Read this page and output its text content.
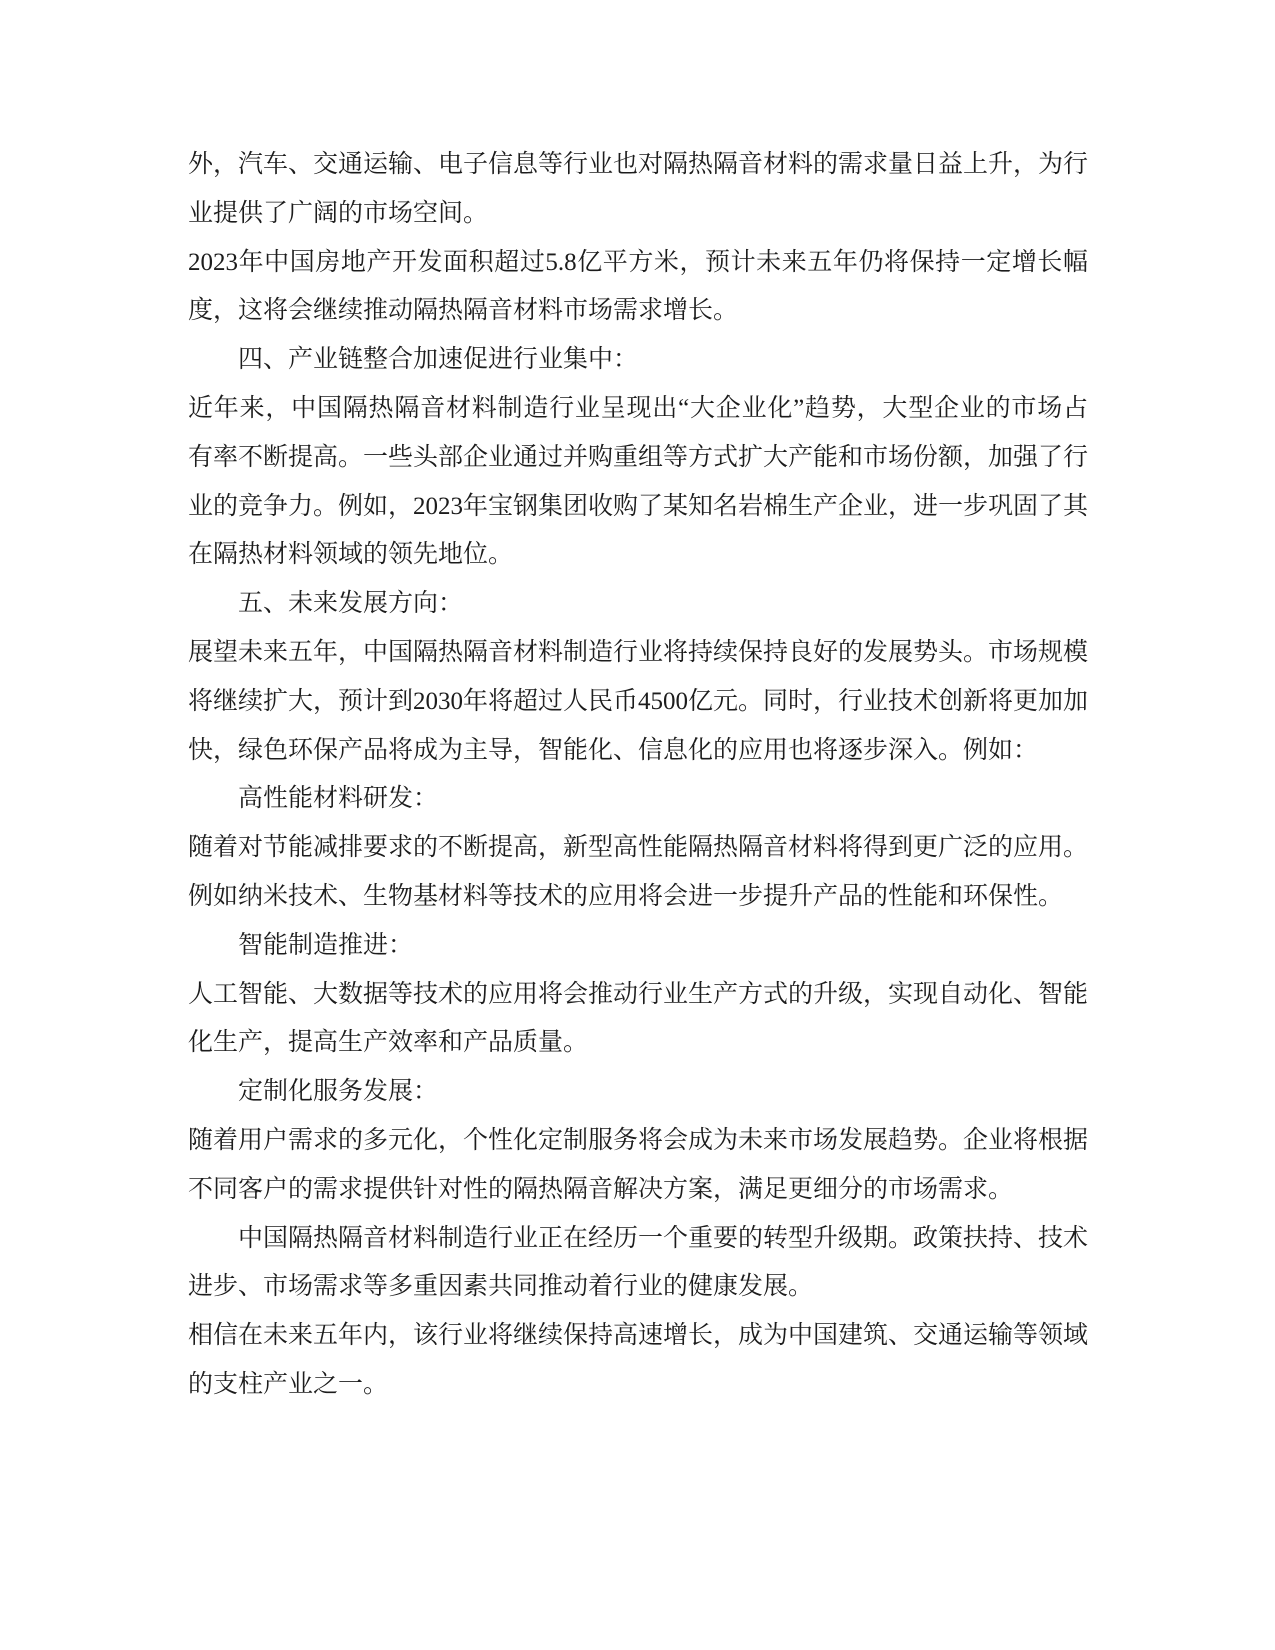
外，汽车、交通运输、电子信息等行业也对隔热隔音材料的需求量日益上升，为行
业提供了广阔的市场空间。
2023年中国房地产开发面积超过5.8亿平方米，预计未来五年仍将保持一定增长幅
度，这将会继续推动隔热隔音材料市场需求增长。
四、产业链整合加速促进行业集中：
近年来，中国隔热隔音材料制造行业呈现出“大企业化”趋势，大型企业的市场占
有率不断提高。一些头部企业通过并购重组等方式扩大产能和市场份额，加强了行
业的竞争力。例如，2023年宝钢集团收购了某知名岩棉生产企业，进一步巩固了其
在隔热材料领域的领先地位。
五、未来发展方向：
展望未来五年，中国隔热隔音材料制造行业将持续保持良好的发展势头。市场规模
将继续扩大，预计到2030年将超过人民币4500亿元。同时，行业技术创新将更加加
快，绿色环保产品将成为主导，智能化、信息化的应用也将逐步深入。例如：
高性能材料研发：
随着对节能减排要求的不断提高，新型高性能隔热隔音材料将得到更广泛的应用。
例如纳米技术、生物基材料等技术的应用将会进一步提升产品的性能和环保性。
智能制造推进：
人工智能、大数据等技术的应用将会推动行业生产方式的升级，实现自动化、智能
化生产，提高生产效率和产品质量。
定制化服务发展：
随着用户需求的多元化，个性化定制服务将会成为未来市场发展趋势。企业将根据
不同客户的需求提供针对性的隔热隔音解决方案，满足更细分的市场需求。
中国隔热隔音材料制造行业正在经历一个重要的转型升级期。政策扶持、技术
进步、市场需求等多重因素共同推动着行业的健康发展。
相信在未来五年内，该行业将继续保持高速增长，成为中国建筑、交通运输等领域
的支柱产业之一。
